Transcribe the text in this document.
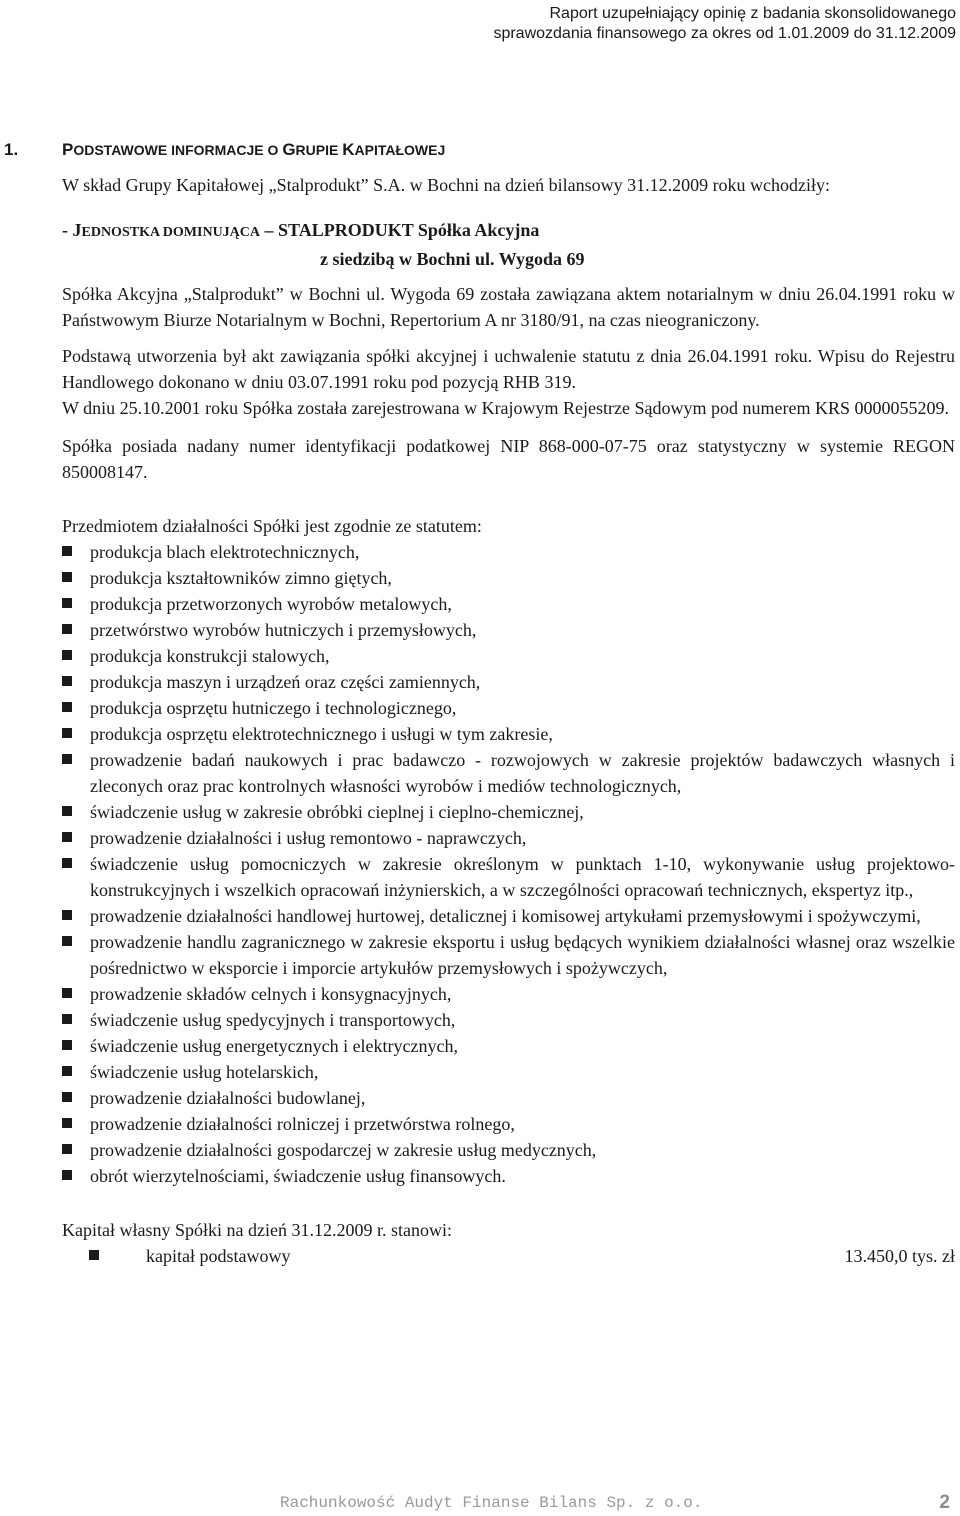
Raport uzupełniający opinię z badania skonsolidowanego
sprawozdania finansowego za okres od 1.01.2009 do 31.12.2009
1.	PODSTAWOWE INFORMACJE O GRUPIE KAPITAŁOWEJ

W skład Grupy Kapitałowej „Stalprodukt” S.A. w Bochni na dzień bilansowy 31.12.2009 roku wchodziły:

- JEDNOSTKA DOMINUJĄCA – STALPRODUKT Spółka Akcyjna
z siedzibą w Bochni ul. Wygoda 69

Spółka Akcyjna „Stalprodukt” w Bochni ul. Wygoda 69 została zawiązana aktem notarialnym w dniu 26.04.1991 roku w Państwowym Biurze Notarialnym w Bochni, Repertorium A nr 3180/91, na czas nieograniczony.

Podstawą utworzenia był akt zawiązania spółki akcyjnej i uchwalenie statutu z dnia 26.04.1991 roku. Wpisu do Rejestru Handlowego dokonano w dniu 03.07.1991 roku pod pozycją RHB 319.

W dniu 25.10.2001 roku Spółka została zarejestrowana w Krajowym Rejestrze Sądowym pod numerem KRS 0000055209.

Spółka posiada nadany numer identyfikacji podatkowej NIP 868-000-07-75 oraz statystyczny w systemie REGON 850008147.

Przedmiotem działalności Spółki jest zgodnie ze statutem:

produkcja blach elektrotechnicznych,
produkcja kształtowników zimno giętych,
produkcja przetworzonych wyrobów metalowych,
przetwórstwo wyrobów hutniczych i przemysłowych,
produkcja konstrukcji stalowych,
produkcja maszyn i urządzeń oraz części zamiennych,
produkcja osprzętu hutniczego i technologicznego,
produkcja osprzętu elektrotechnicznego i usługi w tym zakresie,
prowadzenie badań naukowych i prac badawczo - rozwojowych w zakresie projektów badawczych własnych i zleconych oraz prac kontrolnych własności wyrobów i mediów technologicznych,
świadczenie usług w zakresie obróbki cieplnej i cieplno-chemicznej,
prowadzenie działalności i usług remontowo - naprawczych,
świadczenie usług pomocniczych w zakresie określonym w punktach 1-10, wykonywanie usług projektowo-konstrukcyjnych i wszelkich opracowań inżynierskich, a w szczególności opracowań technicznych, ekspertyz itp.,
prowadzenie działalności handlowej hurtowej, detalicznej i komisowej artykułami przemysłowymi i spożywczymi,
prowadzenie handlu zagranicznego w zakresie eksportu i usług będących wynikiem działalności własnej oraz wszelkie pośrednictwo w eksporcie i imporcie artykułów przemysłowych i spożywczych,
prowadzenie składów celnych i konsygnacyjnych,
świadczenie usług spedycyjnych i transportowych,
świadczenie usług energetycznych i elektrycznych,
świadczenie usług hotelarskich,
prowadzenie działalności budowlanej,
prowadzenie działalności rolniczej i przetwórstwa rolnego,
prowadzenie działalności gospodarczej w zakresie usług medycznych,
obrót wierzytelnościami, świadczenie usług finansowych.

Kapitał własny Spółki na dzień 31.12.2009 r. stanowi:

kapitał podstawowy	13.450,0 tys. zł
Rachunkowość Audyt Finanse Bilans Sp. z o.o.	2
